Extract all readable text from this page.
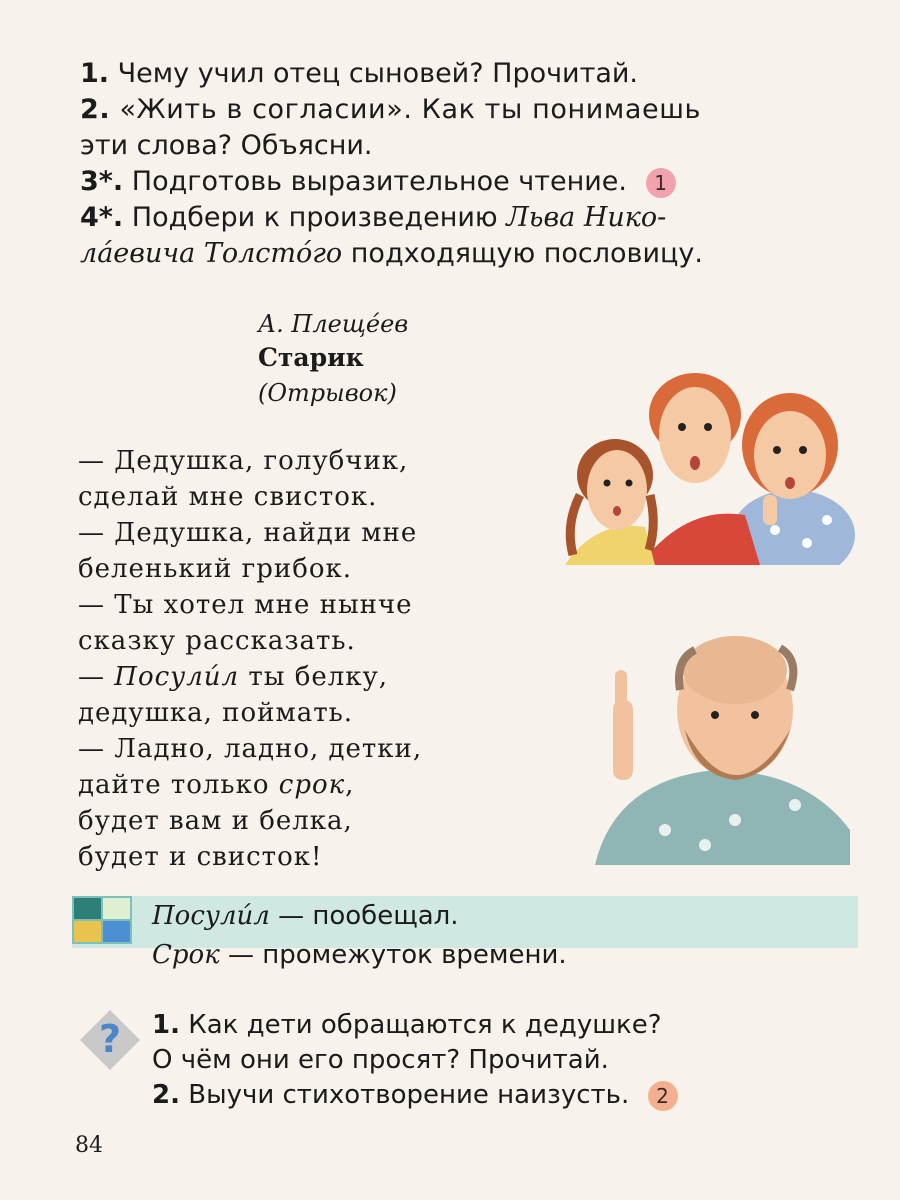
1. Чему учил отец сыновей? Прочитай.
2. «Жить в согласии». Как ты понимаешь
эти слова? Объясни.
3*. Подготовь выразительное чтение. 1
4*. Подбери к произведению Льва Нико-
ла́евича Толсто́го подходящую пословицу.
А. Плеще́ев
Старик
(Отрывок)
— Дедушка, голубчик,
сделай мне свисток.
— Дедушка, найди мне
беленький грибок.
— Ты хотел мне нынче
сказку рассказать.
— Посули́л ты белку,
дедушка, поймать.
— Ладно, ладно, детки,
дайте только срок,
будет вам и белка,
будет и свисток!
Посули́л — пообещал.
Срок — промежуток времени.
? 1. Как дети обращаются к дедушке?
О чём они его просят? Прочитай.
2. Выучи стихотворение наизусть. 2
84
